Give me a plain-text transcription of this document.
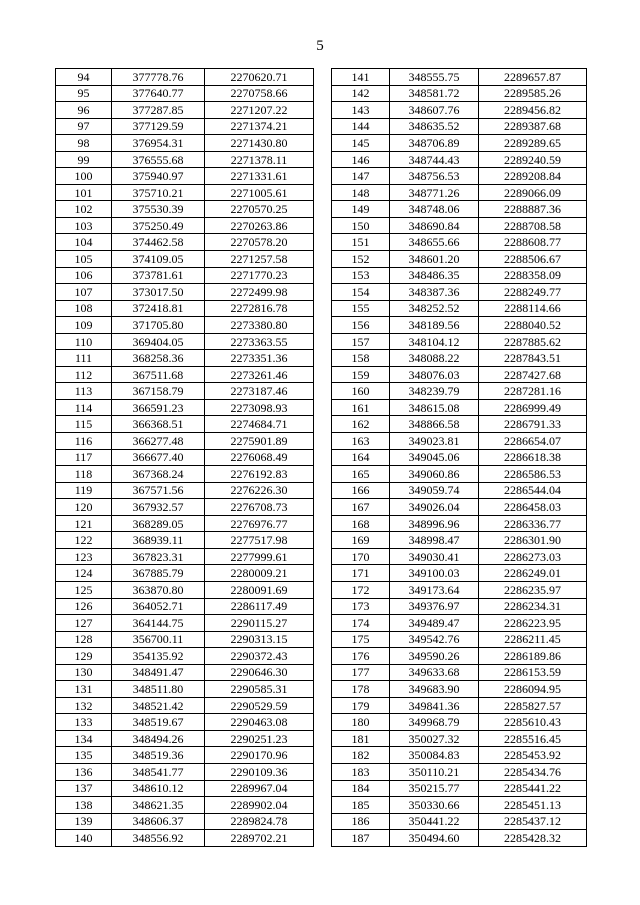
5
94	377778.76	2270620.71
95	377640.77	2270758.66
96	377287.85	2271207.22
97	377129.59	2271374.21
98	376954.31	2271430.80
99	376555.68	2271378.11
100	375940.97	2271331.61
101	375710.21	2271005.61
102	375530.39	2270570.25
103	375250.49	2270263.86
104	374462.58	2270578.20
105	374109.05	2271257.58
106	373781.61	2271770.23
107	373017.50	2272499.98
108	372418.81	2272816.78
109	371705.80	2273380.80
110	369404.05	2273363.55
111	368258.36	2273351.36
112	367511.68	2273261.46
113	367158.79	2273187.46
114	366591.23	2273098.93
115	366368.51	2274684.71
116	366277.48	2275901.89
117	366677.40	2276068.49
118	367368.24	2276192.83
119	367571.56	2276226.30
120	367932.57	2276708.73
121	368289.05	2276976.77
122	368939.11	2277517.98
123	367823.31	2277999.61
124	367885.79	2280009.21
125	363870.80	2280091.69
126	364052.71	2286117.49
127	364144.75	2290115.27
128	356700.11	2290313.15
129	354135.92	2290372.43
130	348491.47	2290646.30
131	348511.80	2290585.31
132	348521.42	2290529.59
133	348519.67	2290463.08
134	348494.26	2290251.23
135	348519.36	2290170.96
136	348541.77	2290109.36
137	348610.12	2289967.04
138	348621.35	2289902.04
139	348606.37	2289824.78
140	348556.92	2289702.21
141	348555.75	2289657.87
142	348581.72	2289585.26
143	348607.76	2289456.82
144	348635.52	2289387.68
145	348706.89	2289289.65
146	348744.43	2289240.59
147	348756.53	2289208.84
148	348771.26	2289066.09
149	348748.06	2288887.36
150	348690.84	2288708.58
151	348655.66	2288608.77
152	348601.20	2288506.67
153	348486.35	2288358.09
154	348387.36	2288249.77
155	348252.52	2288114.66
156	348189.56	2288040.52
157	348104.12	2287885.62
158	348088.22	2287843.51
159	348076.03	2287427.68
160	348239.79	2287281.16
161	348615.08	2286999.49
162	348866.58	2286791.33
163	349023.81	2286654.07
164	349045.06	2286618.38
165	349060.86	2286586.53
166	349059.74	2286544.04
167	349026.04	2286458.03
168	348996.96	2286336.77
169	348998.47	2286301.90
170	349030.41	2286273.03
171	349100.03	2286249.01
172	349173.64	2286235.97
173	349376.97	2286234.31
174	349489.47	2286223.95
175	349542.76	2286211.45
176	349590.26	2286189.86
177	349633.68	2286153.59
178	349683.90	2286094.95
179	349841.36	2285827.57
180	349968.79	2285610.43
181	350027.32	2285516.45
182	350084.83	2285453.92
183	350110.21	2285434.76
184	350215.77	2285441.22
185	350330.66	2285451.13
186	350441.22	2285437.12
187	350494.60	2285428.32
